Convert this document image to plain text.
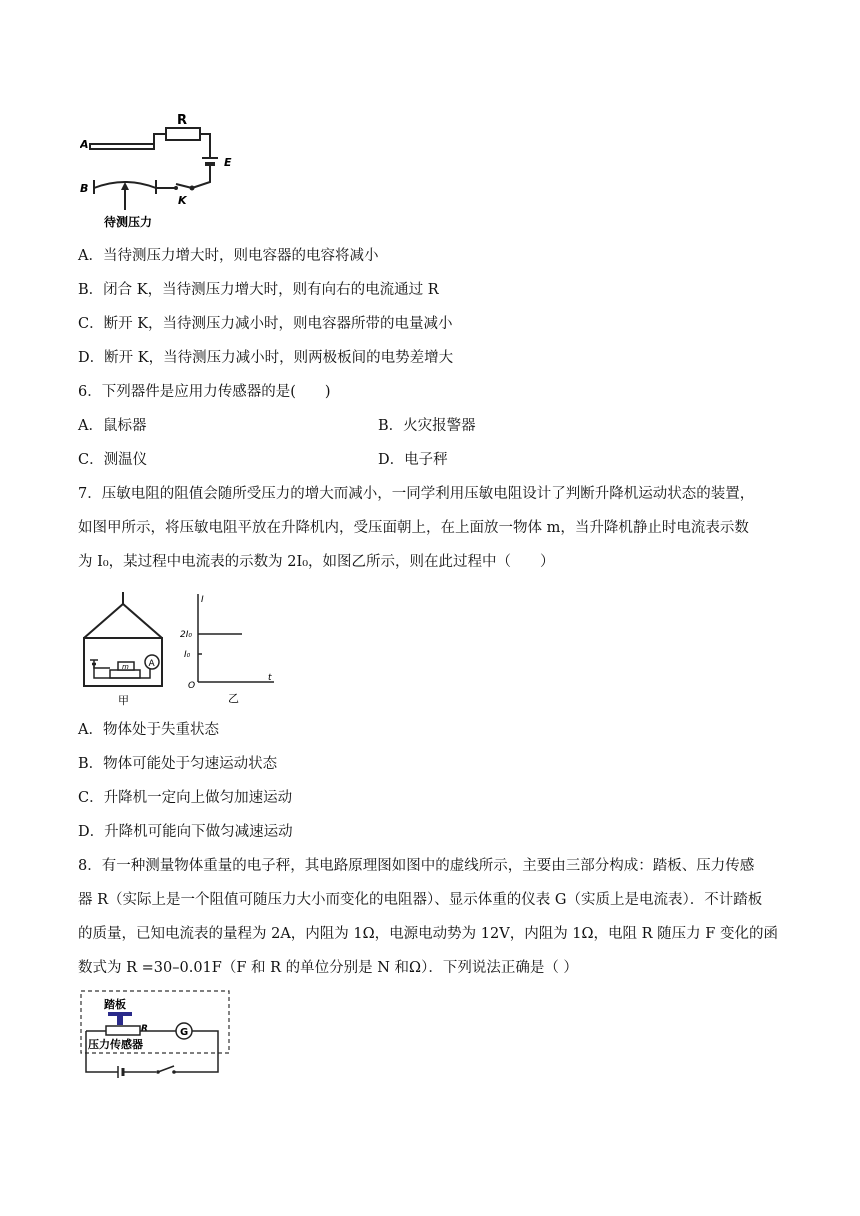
A
B
R
E
K
待测压力
A．当待测压力增大时，则电容器的电容将减小
B．闭合 K，当待测压力增大时，则有向右的电流通过 R
C．断开 K，当待测压力减小时，则电容器所带的电量减小
D．断开 K，当待测压力减小时，则两极板间的电势差增大
6．下列器件是应用力传感器的是(　　)
A．鼠标器	B．火灾报警器
C．测温仪	D．电子秤
7．压敏电阻的阻值会随所受压力的增大而减小，一同学利用压敏电阻设计了判断升降机运动状态的装置，
如图甲所示，将压敏电阻平放在升降机内，受压面朝上，在上面放一物体 m，当升降机静止时电流表示数
为 I₀，某过程中电流表的示数为 2I₀，如图乙所示，则在此过程中（　　）
m A
甲
I
2I₀
I₀
O
t
乙
A．物体处于失重状态
B．物体可能处于匀速运动状态
C．升降机一定向上做匀加速运动
D．升降机可能向下做匀减速运动
8．有一种测量物体重量的电子秤，其电路原理图如图中的虚线所示，主要由三部分构成：踏板、压力传感
器 R（实际上是一个阻值可随压力大小而变化的电阻器）、显示体重的仪表 G（实质上是电流表）．不计踏板
的质量，已知电流表的量程为 2A，内阻为 1Ω，电源电动势为 12V，内阻为 1Ω，电阻 R 随压力 F 变化的函
数式为 R =30–0.01F（F 和 R 的单位分别是 N 和Ω）．下列说法正确是（ ）
踏板
R	G
压力传感器
